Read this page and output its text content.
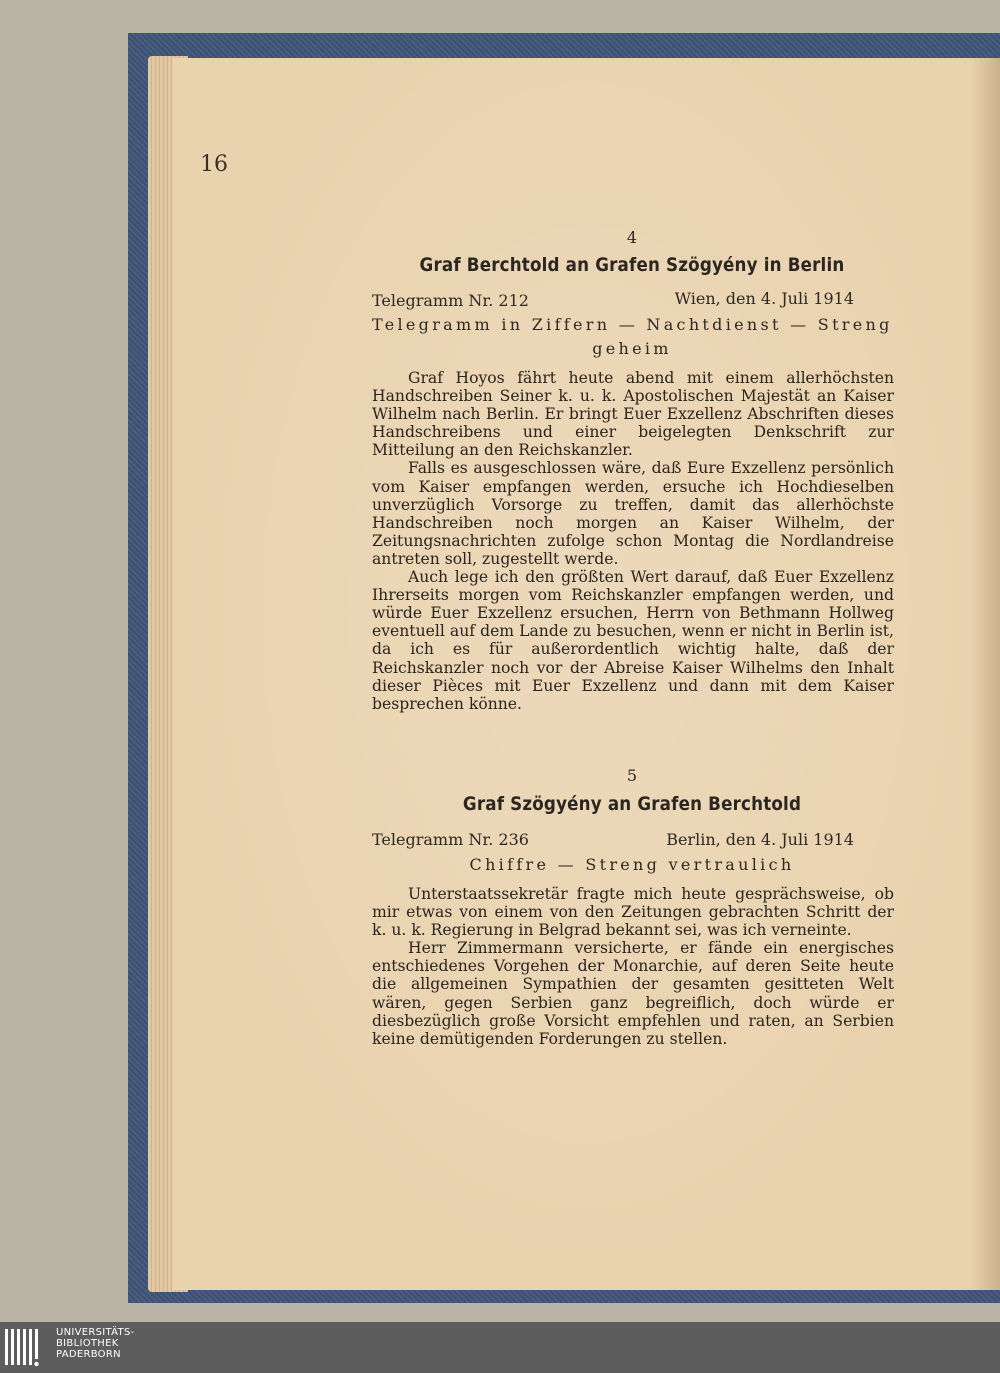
16
4
Graf Berchtold an Grafen Szögyény in Berlin
Telegramm Nr. 212	Wien, den 4. Juli 1914
Telegramm in Ziffern — Nachtdienst — Streng
geheim

Graf Hoyos fährt heute abend mit einem allerhöchsten Handschreiben Seiner k. u. k. Apostolischen Majestät an Kaiser Wilhelm nach Berlin. Er bringt Euer Exzellenz Abschriften dieses Handschreibens und einer beigelegten Denkschrift zur Mitteilung an den Reichskanzler.

Falls es ausgeschlossen wäre, daß Eure Exzellenz persönlich vom Kaiser empfangen werden, ersuche ich Hochdieselben unverzüglich Vorsorge zu treffen, damit das allerhöchste Handschreiben noch morgen an Kaiser Wilhelm, der Zeitungsnachrichten zufolge schon Montag die Nordlandreise antreten soll, zugestellt werde.

Auch lege ich den größten Wert darauf, daß Euer Exzellenz Ihrerseits morgen vom Reichskanzler empfangen werden, und würde Euer Exzellenz ersuchen, Herrn von Bethmann Hollweg eventuell auf dem Lande zu besuchen, wenn er nicht in Berlin ist, da ich es für außerordentlich wichtig halte, daß der Reichskanzler noch vor der Abreise Kaiser Wilhelms den Inhalt dieser Pièces mit Euer Exzellenz und dann mit dem Kaiser besprechen könne.

5
Graf Szögyény an Grafen Berchtold
Telegramm Nr. 236	Berlin, den 4. Juli 1914
Chiffre — Streng vertraulich

Unterstaatssekretär fragte mich heute gesprächsweise, ob mir etwas von einem von den Zeitungen gebrachten Schritt der k. u. k. Regierung in Belgrad bekannt sei, was ich verneinte.

Herr Zimmermann versicherte, er fände ein energisches entschiedenes Vorgehen der Monarchie, auf deren Seite heute die allgemeinen Sympathien der gesamten gesitteten Welt wären, gegen Serbien ganz begreiflich, doch würde er diesbezüglich große Vorsicht empfehlen und raten, an Serbien keine demütigenden Forderungen zu stellen.

UNIVERSITÄTS-
BIBLIOTHEK
PADERBORN
